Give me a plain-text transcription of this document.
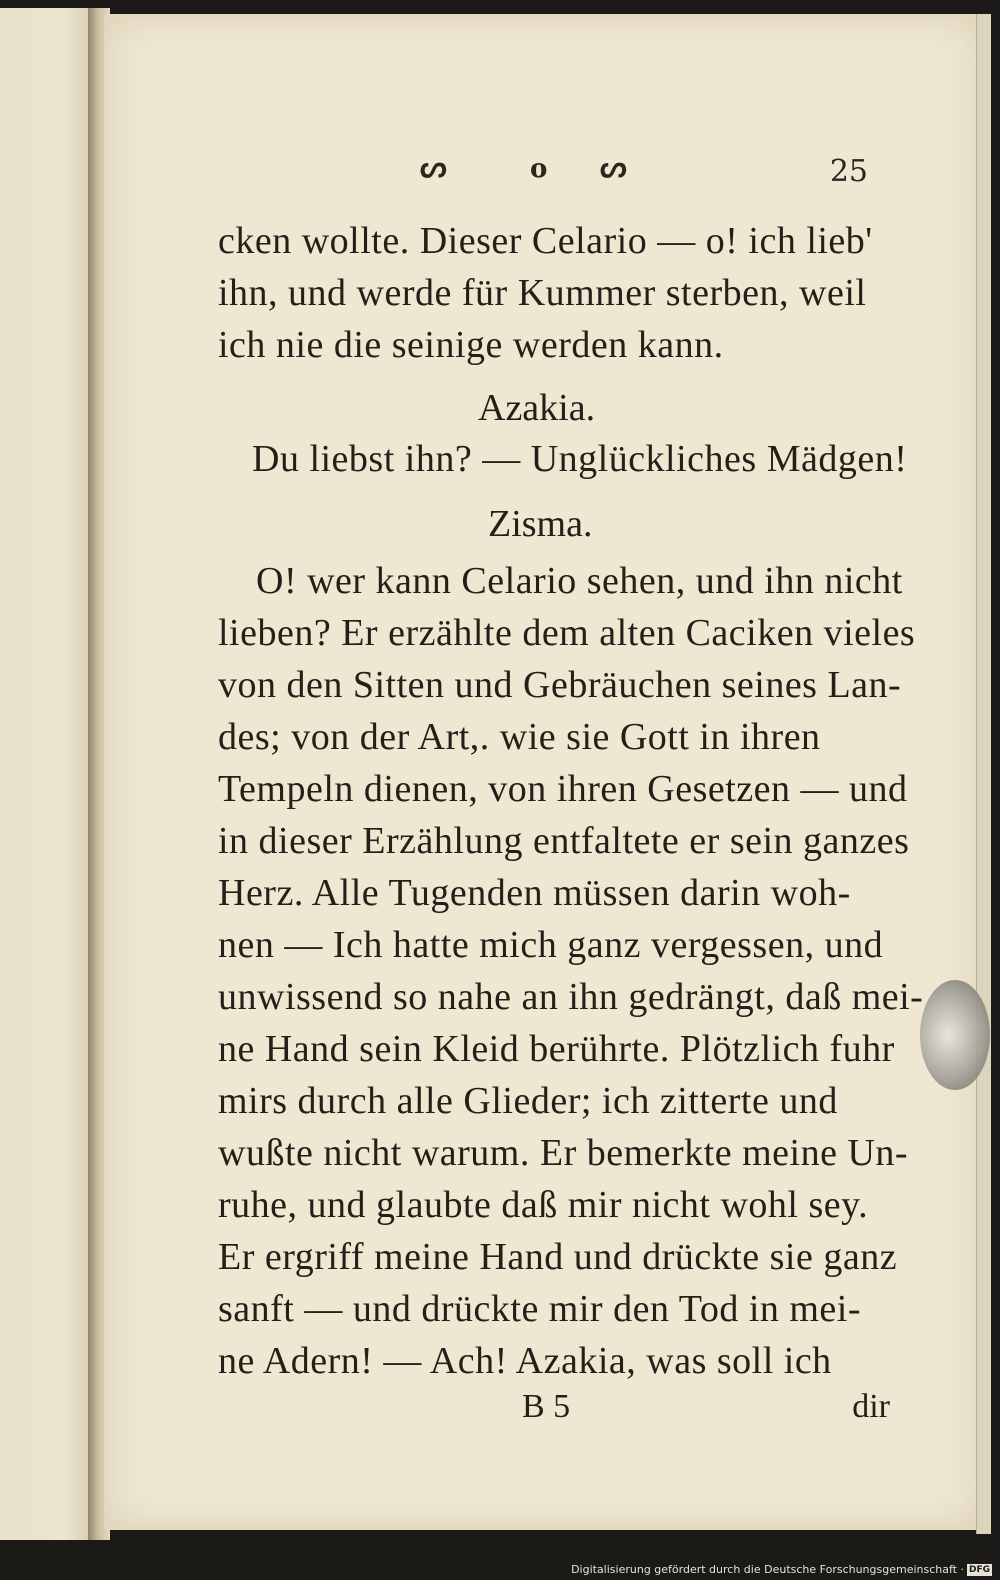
ᔕ	o ᔕ	25
cken wollte. Dieser Celario — o! ich lieb'
ihn, und werde für Kummer sterben, weil
ich nie die seinige werden kann.
Azakia.
Du liebst ihn? — Unglückliches Mädgen!
Zisma.
O! wer kann Celario sehen, und ihn nicht
lieben? Er erzählte dem alten Caciken vieles
von den Sitten und Gebräuchen seines Lan-
des; von der Art,. wie sie Gott in ihren
Tempeln dienen, von ihren Gesetzen — und
in dieser Erzählung entfaltete er sein ganzes
Herz. Alle Tugenden müssen darin woh-
nen — Ich hatte mich ganz vergessen, und
unwissend so nahe an ihn gedrängt, daß mei-
ne Hand sein Kleid berührte. Plötzlich fuhr
mirs durch alle Glieder; ich zitterte und
wußte nicht warum. Er bemerkte meine Un-
ruhe, und glaubte daß mir nicht wohl sey.
Er ergriff meine Hand und drückte sie ganz
sanft — und drückte mir den Tod in mei-
ne Adern! — Ach! Azakia, was soll ich
B 5	dir
Digitalisierung gefördert durch die Deutsche Forschungsgemeinschaft · DFG
